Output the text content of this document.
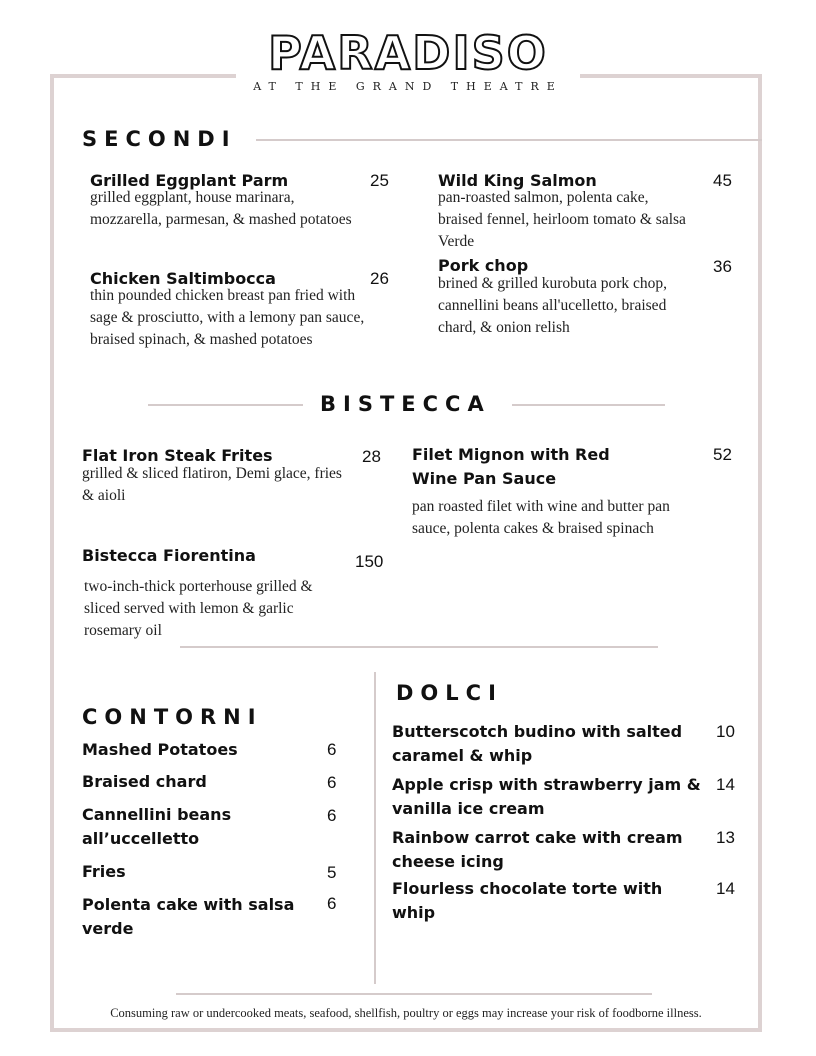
PARADISO
AT THE GRAND THEATRE
SECONDI
Grilled Eggplant Parm	25
grilled eggplant, house marinara, mozzarella, parmesan, & mashed potatoes
Chicken Saltimbocca	26
thin pounded chicken breast pan fried with sage & prosciutto, with a lemony pan sauce, braised spinach, & mashed potatoes
Wild King Salmon	45
pan-roasted salmon, polenta cake, braised fennel, heirloom tomato & salsa Verde
Pork chop	36
brined & grilled kurobuta pork chop, cannellini beans all'ucelletto, braised chard, & onion relish
BISTECCA
Flat Iron Steak Frites	28
grilled & sliced flatiron, Demi glace, fries & aioli
Bistecca Fiorentina	150
two-inch-thick porterhouse grilled & sliced served with lemon & garlic rosemary oil
Filet Mignon with Red Wine Pan Sauce
52
pan roasted filet with wine and butter pan sauce, polenta cakes & braised spinach
CONTORNI
Mashed Potatoes	6
Braised chard	6
Cannellini beans all’uccelletto
6
Fries	5
Polenta cake with salsa verde
6
DOLCI
Butterscotch budino with salted caramel & whip
10
Apple crisp with strawberry jam & vanilla ice cream
14
Rainbow carrot cake with cream cheese icing
13
Flourless chocolate torte with whip
14
Consuming raw or undercooked meats, seafood, shellfish, poultry or eggs may increase your risk of foodborne illness.
